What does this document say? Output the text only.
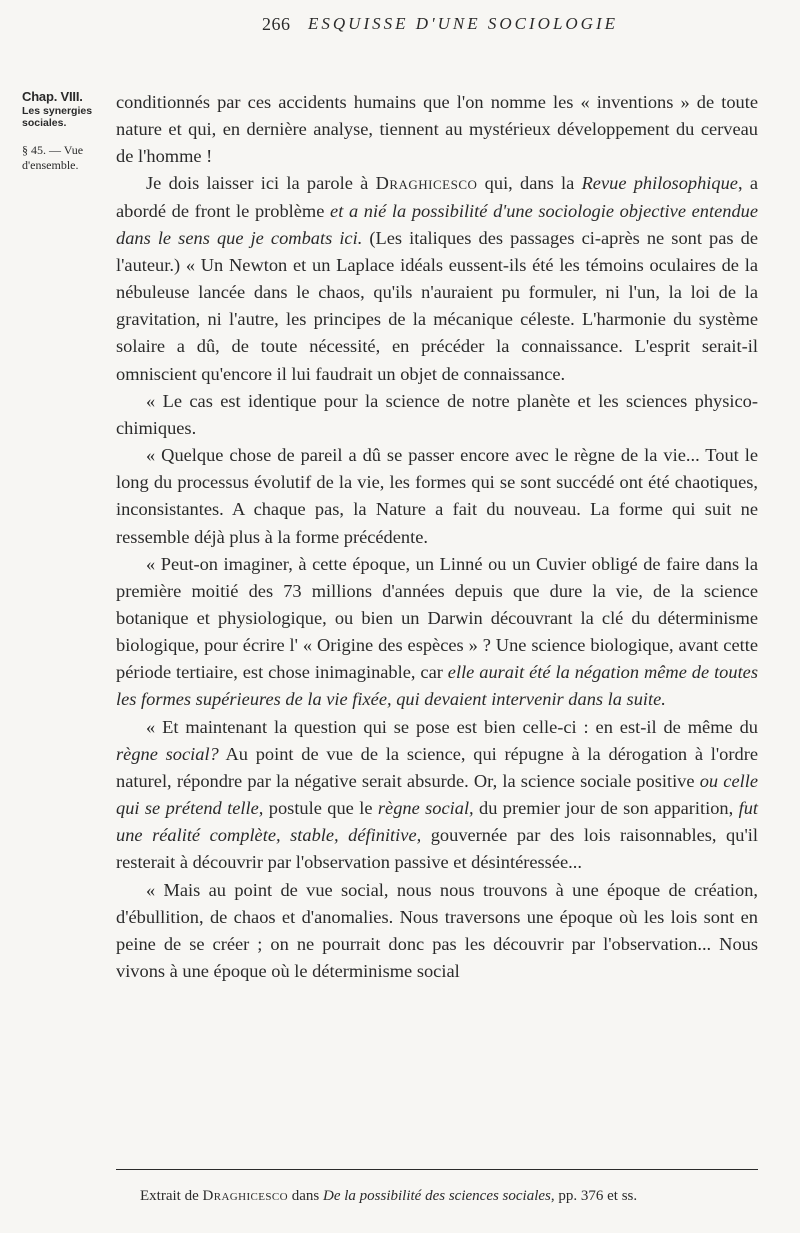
266 ESQUISSE D'UNE SOCIOLOGIE
Chap. VIII.
Les synergies sociales.
§ 45. — Vue d'ensemble.

conditionnés par ces accidents humains que l'on nomme les « inventions » de toute nature et qui, en dernière analyse, tiennent au mystérieux développement du cerveau de l'homme !

Je dois laisser ici la parole à Draghicesco qui, dans la Revue philosophique, a abordé de front le problème et a nié la possibilité d'une sociologie objective entendue dans le sens que je combats ici. (Les italiques des passages ci-après ne sont pas de l'auteur.) « Un Newton et un Laplace idéals eussent-ils été les témoins oculaires de la nébuleuse lancée dans le chaos, qu'ils n'auraient pu formuler, ni l'un, la loi de la gravitation, ni l'autre, les principes de la mécanique céleste. L'harmonie du système solaire a dû, de toute nécessité, en précéder la connaissance. L'esprit serait-il omniscient qu'encore il lui faudrait un objet de connaissance.

« Le cas est identique pour la science de notre planète et les sciences physico-chimiques.

« Quelque chose de pareil a dû se passer encore avec le règne de la vie... Tout le long du processus évolutif de la vie, les formes qui se sont succédé ont été chaotiques, inconsistantes. A chaque pas, la Nature a fait du nouveau. La forme qui suit ne ressemble déjà plus à la forme précédente.

« Peut-on imaginer, à cette époque, un Linné ou un Cuvier obligé de faire dans la première moitié des 73 millions d'années depuis que dure la vie, de la science botanique et physiologique, ou bien un Darwin découvrant la clé du déterminisme biologique, pour écrire l' « Origine des espèces » ? Une science biologique, avant cette période tertiaire, est chose inimaginable, car elle aurait été la négation même de toutes les formes supérieures de la vie fixée, qui devaient intervenir dans la suite.

« Et maintenant la question qui se pose est bien celle-ci : en est-il de même du règne social? Au point de vue de la science, qui répugne à la dérogation à l'ordre naturel, répondre par la négative serait absurde. Or, la science sociale positive ou celle qui se prétend telle, postule que le règne social, du premier jour de son apparition, fut une réalité complète, stable, définitive, gouvernée par des lois raisonnables, qu'il resterait à découvrir par l'observation passive et désintéressée...

« Mais au point de vue social, nous nous trouvons à une époque de création, d'ébullition, de chaos et d'anomalies. Nous traversons une époque où les lois sont en peine de se créer ; on ne pourrait donc pas les découvrir par l'observation... Nous vivons à une époque où le déterminisme social

Extrait de Draghicesco dans De la possibilité des sciences sociales, pp. 376 et ss.
